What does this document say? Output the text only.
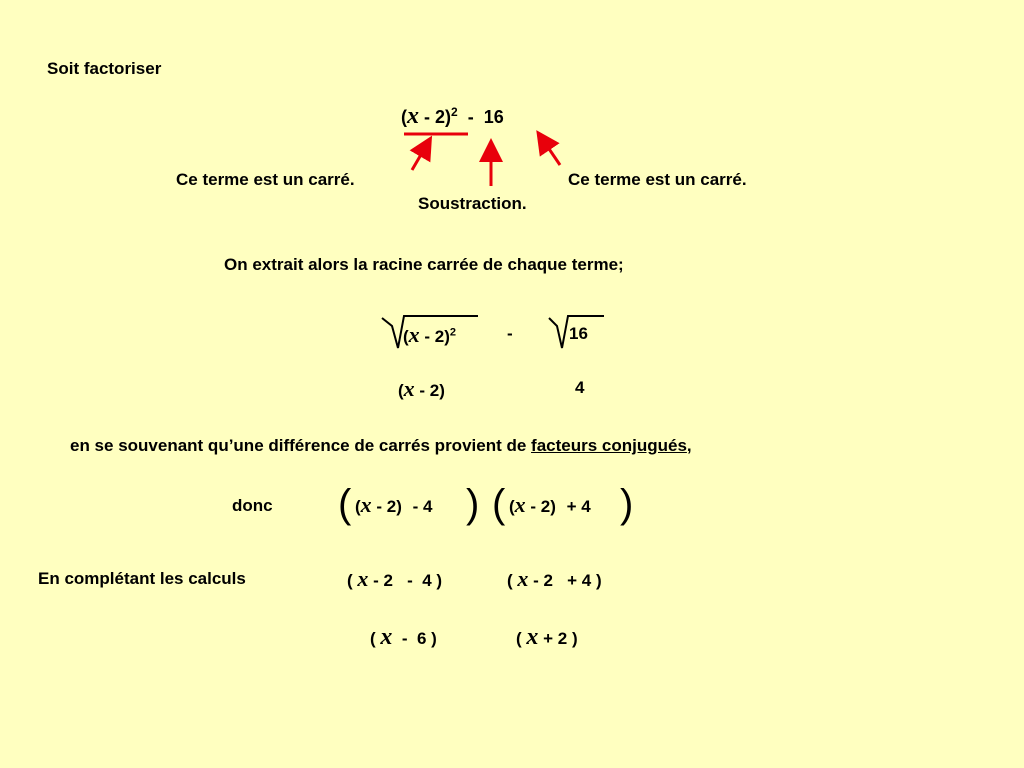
Soit factoriser
(x - 2)$^2$  -  16
Ce terme est un carré.
Soustraction.
Ce terme est un carré.
On extrait alors la racine carrée de chaque terme;
(x - 2)$^2$	-	16
(x - 2)	4
en se souvenant qu’une différence de carrés provient de facteurs conjugués,
donc ( (x - 2) - 4 ) ( (x - 2) + 4 )
En complétant les calculs	( x - 2   -  4 )	( x - 2   + 4 )
( x  -  6 )	( x + 2 )
